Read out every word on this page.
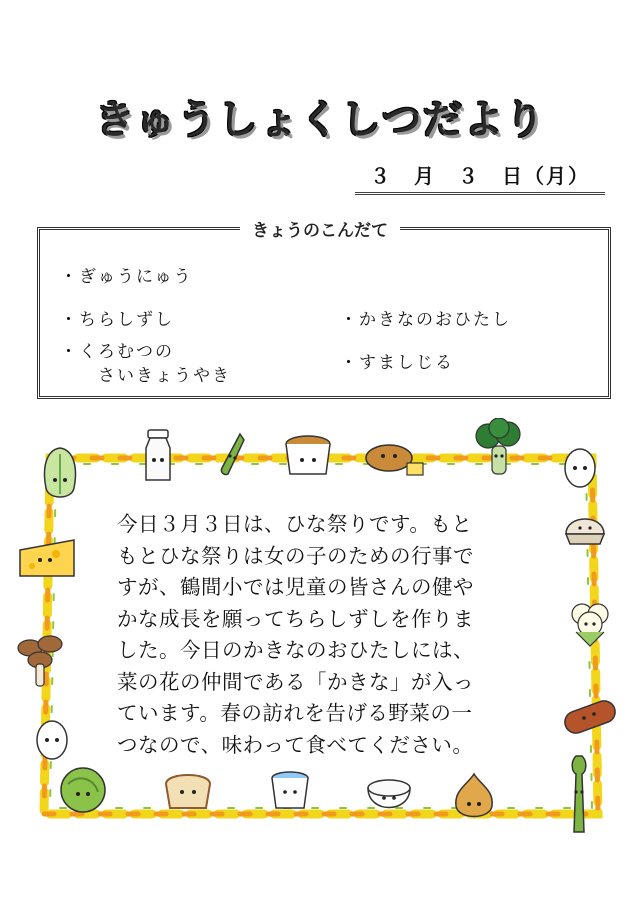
きゅうしょくしつだより
３　月　３　日（月）
きょうのこんだて
・ぎゅうにゅう
・ちらしずし
・くろむつの
さいきょうやき
・かきなのおひたし
・すましじる
今日３月３日は、ひな祭りです。もと
もとひな祭りは女の子のための行事で
すが、鶴間小では児童の皆さんの健や
かな成長を願ってちらしずしを作りま
した。今日のかきなのおひたしには、
菜の花の仲間である「かきな」が入っ
ています。春の訪れを告げる野菜の一
つなので、味わって食べてください。
